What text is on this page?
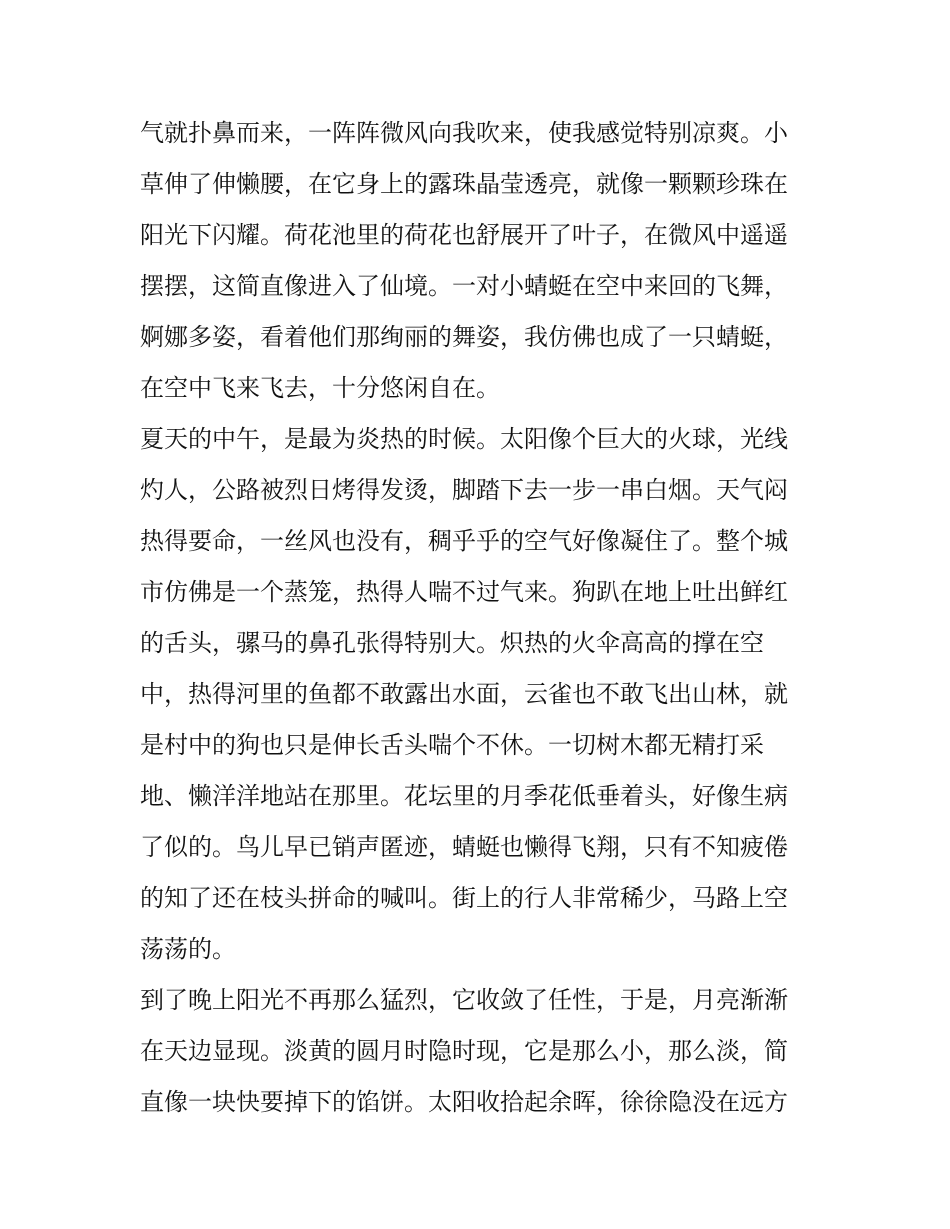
气就扑鼻而来，一阵阵微风向我吹来，使我感觉特别凉爽。小
草伸了伸懒腰，在它身上的露珠晶莹透亮，就像一颗颗珍珠在
阳光下闪耀。荷花池里的荷花也舒展开了叶子，在微风中遥遥
摆摆，这简直像进入了仙境。一对小蜻蜓在空中来回的飞舞，
婀娜多姿，看着他们那绚丽的舞姿，我仿佛也成了一只蜻蜓，
在空中飞来飞去，十分悠闲自在。
夏天的中午，是最为炎热的时候。太阳像个巨大的火球，光线
灼人，公路被烈日烤得发烫，脚踏下去一步一串白烟。天气闷
热得要命，一丝风也没有，稠乎乎的空气好像凝住了。整个城
市仿佛是一个蒸笼，热得人喘不过气来。狗趴在地上吐出鲜红
的舌头，骡马的鼻孔张得特别大。炽热的火伞高高的撑在空
中，热得河里的鱼都不敢露出水面，云雀也不敢飞出山林，就
是村中的狗也只是伸长舌头喘个不休。一切树木都无精打采
地、懒洋洋地站在那里。花坛里的月季花低垂着头，好像生病
了似的。鸟儿早已销声匿迹，蜻蜓也懒得飞翔，只有不知疲倦
的知了还在枝头拼命的喊叫。街上的行人非常稀少，马路上空
荡荡的。
到了晚上阳光不再那么猛烈，它收敛了任性，于是，月亮渐渐
在天边显现。淡黄的圆月时隐时现，它是那么小，那么淡，简
直像一块快要掉下的馅饼。太阳收拾起余晖，徐徐隐没在远方
